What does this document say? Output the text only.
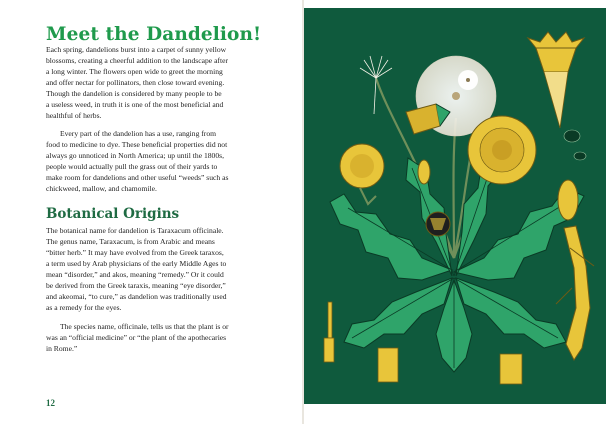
Meet the Dandelion!

Each spring, dandelions burst into a carpet of sunny yellow
blossoms, creating a cheerful addition to the landscape after
a long winter. The flowers open wide to greet the morning
and offer nectar for pollinators, then close toward evening.
Though the dandelion is considered by many people to be
a useless weed, in truth it is one of the most beneficial and
healthful of herbs.

Every part of the dandelion has a use, ranging from
food to medicine to dye. These beneficial properties did not
always go unnoticed in North America; up until the 1800s,
people would actually pull the grass out of their yards to
make room for dandelions and other useful “weeds” such as
chickweed, mallow, and chamomile.

Botanical Origins

The botanical name for dandelion is Taraxacum officinale.
The genus name, Taraxacum, is from Arabic and means
“bitter herb.” It may have evolved from the Greek taraxos,
a term used by Arab physicians of the early Middle Ages to
mean “disorder,” and akos, meaning “remedy.” Or it could
be derived from the Greek taraxis, meaning “eye disorder,”
and akeomai, “to cure,” as dandelion was traditionally used
as a remedy for the eyes.

The species name, officinale, tells us that the plant is or
was an “official medicine” or “the plant of the apothecaries
in Rome.”

12
